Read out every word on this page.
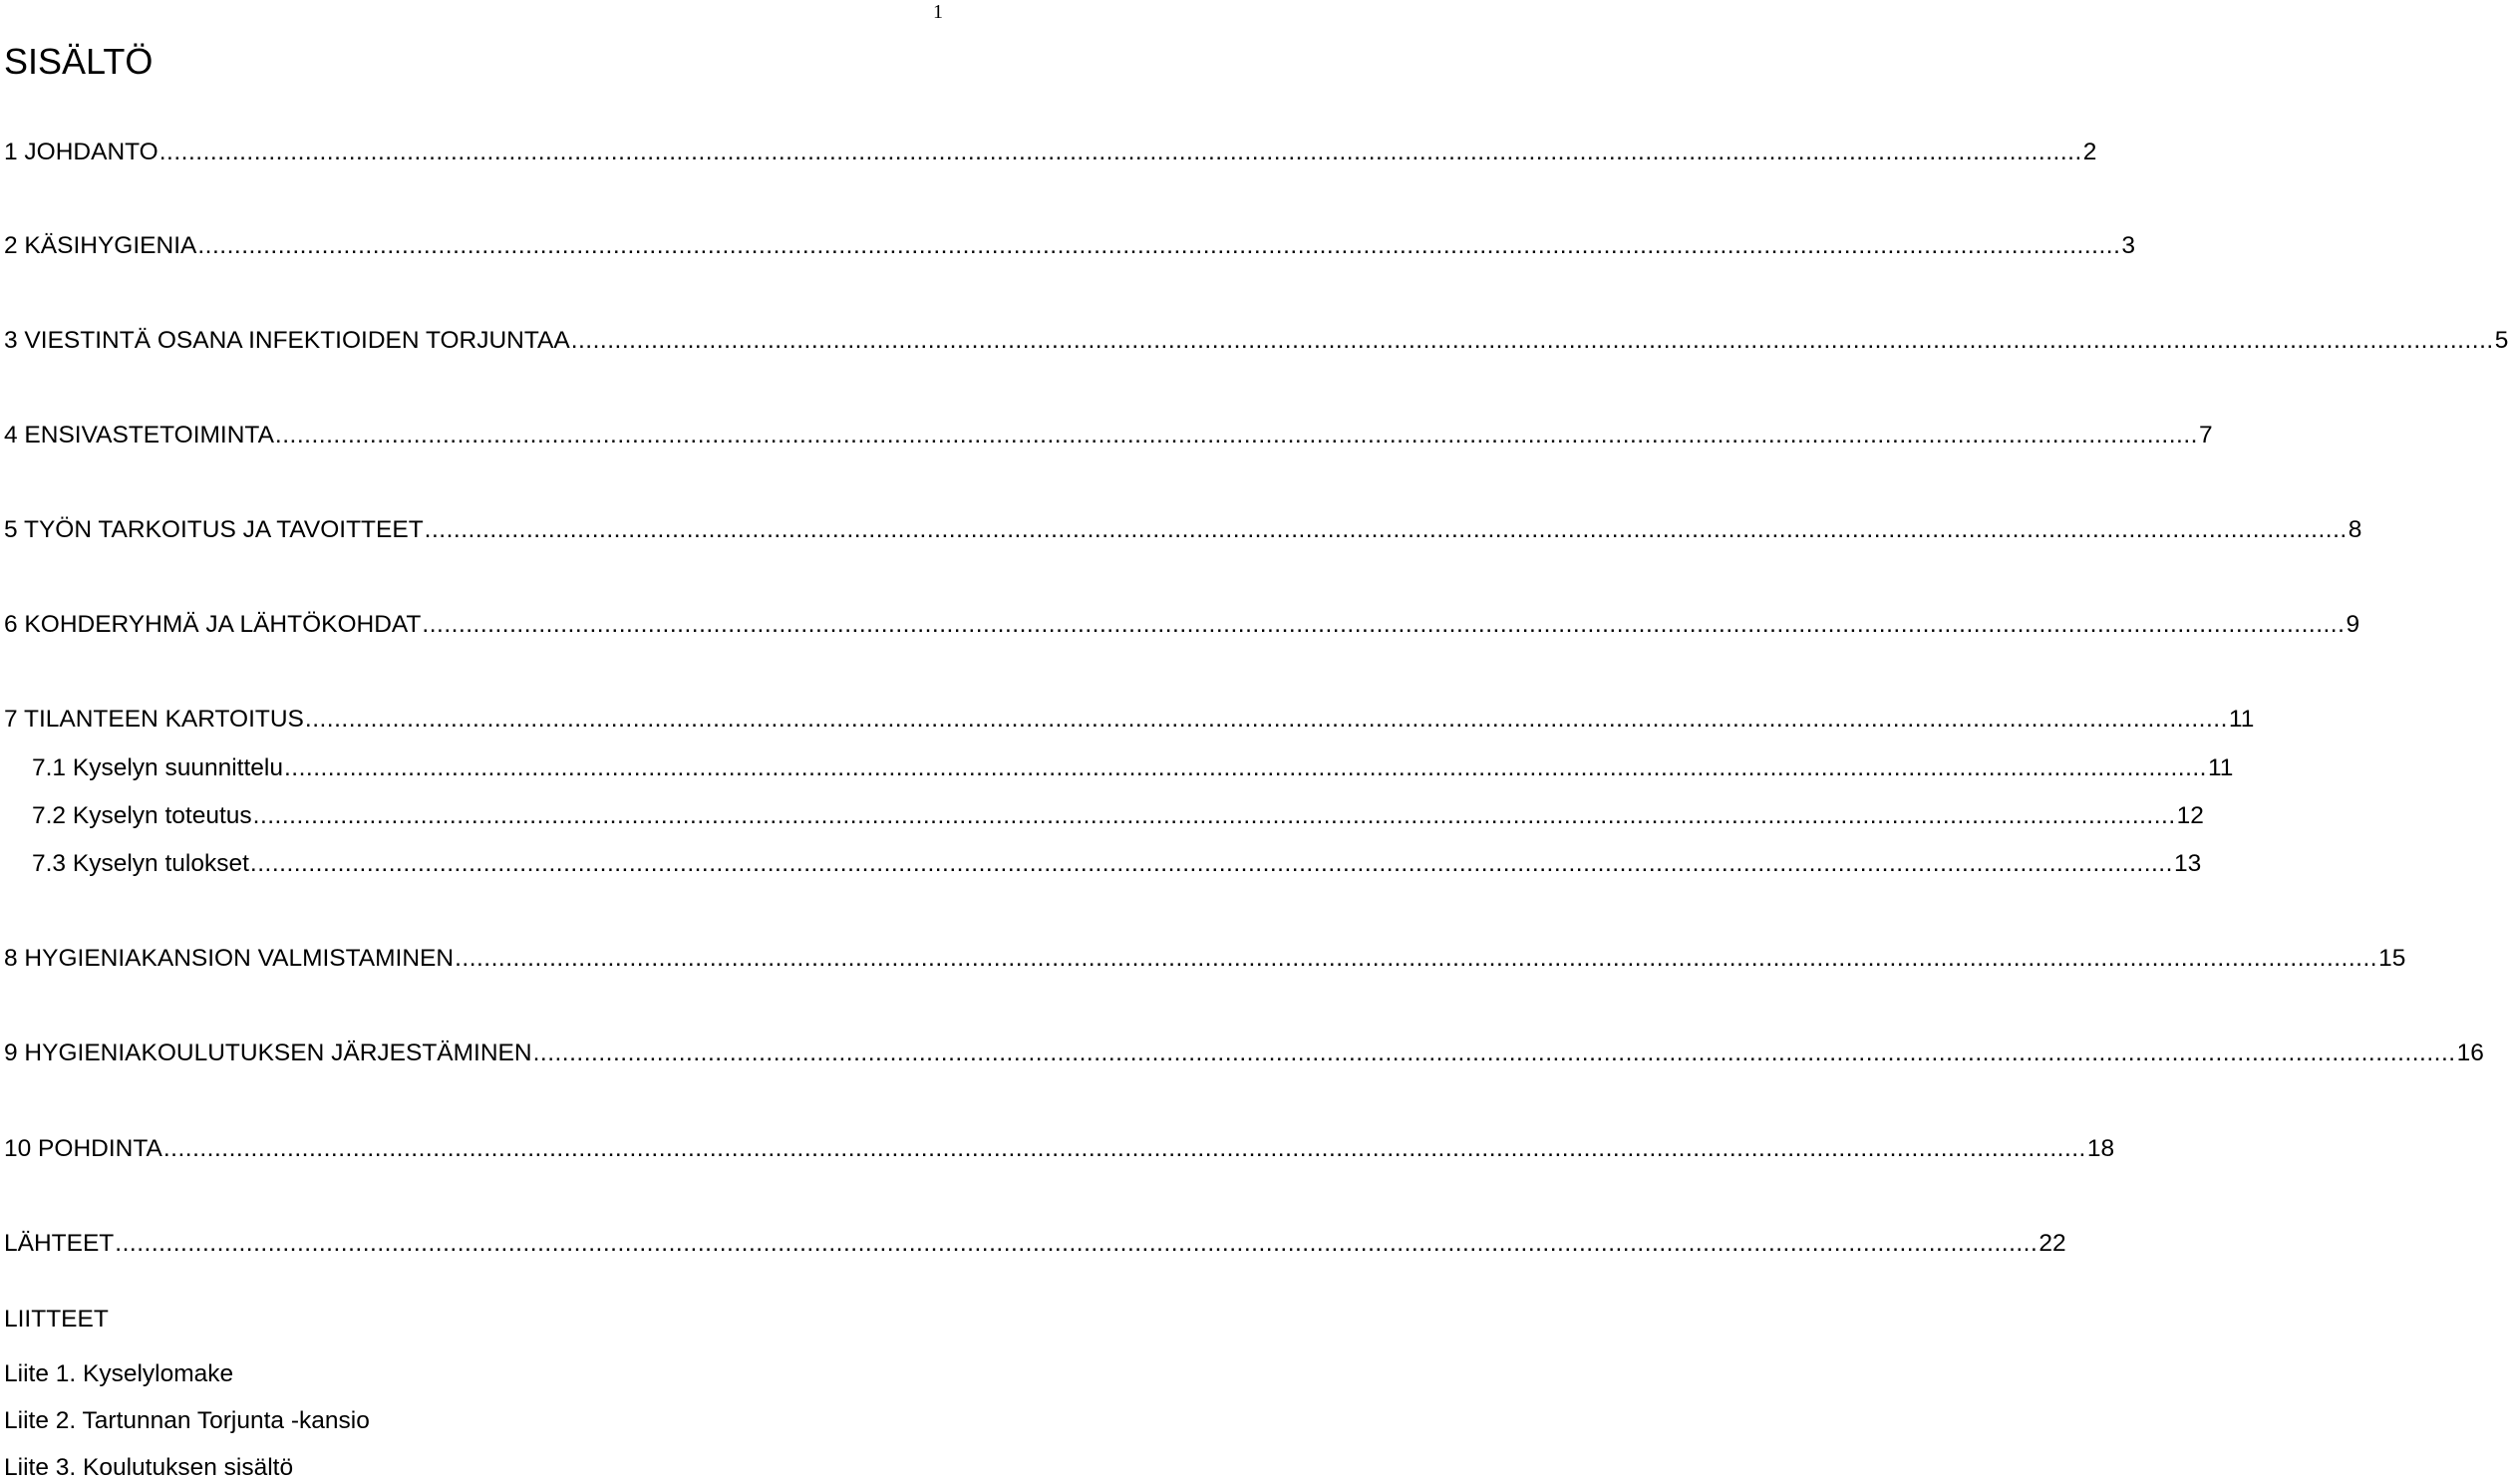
1
SISÄLTÖ
1 JOHDANTO .....	2
2 KÄSIHYGIENIA .....	3
3 VIESTINTÄ OSANA INFEKTIOIDEN TORJUNTAA .....	5
4 ENSIVASTETOIMINTA .....	7
5 TYÖN TARKOITUS JA TAVOITTEET .....	8
6 KOHDERYHMÄ JA LÄHTÖKOHDAT .....	9
7 TILANTEEN KARTOITUS .....	11
7.1 Kyselyn suunnittelu .....	11
7.2 Kyselyn toteutus .....	12
7.3 Kyselyn tulokset .....	13
8 HYGIENIAKANSION VALMISTAMINEN .....	15
9 HYGIENIAKOULUTUKSEN JÄRJESTÄMINEN .....	16
10 POHDINTA .....	18
LÄHTEET .....	22
LIITTEET
Liite 1. Kyselylomake
Liite 2. Tartunnan Torjunta -kansio
Liite 3. Koulutuksen sisältö
